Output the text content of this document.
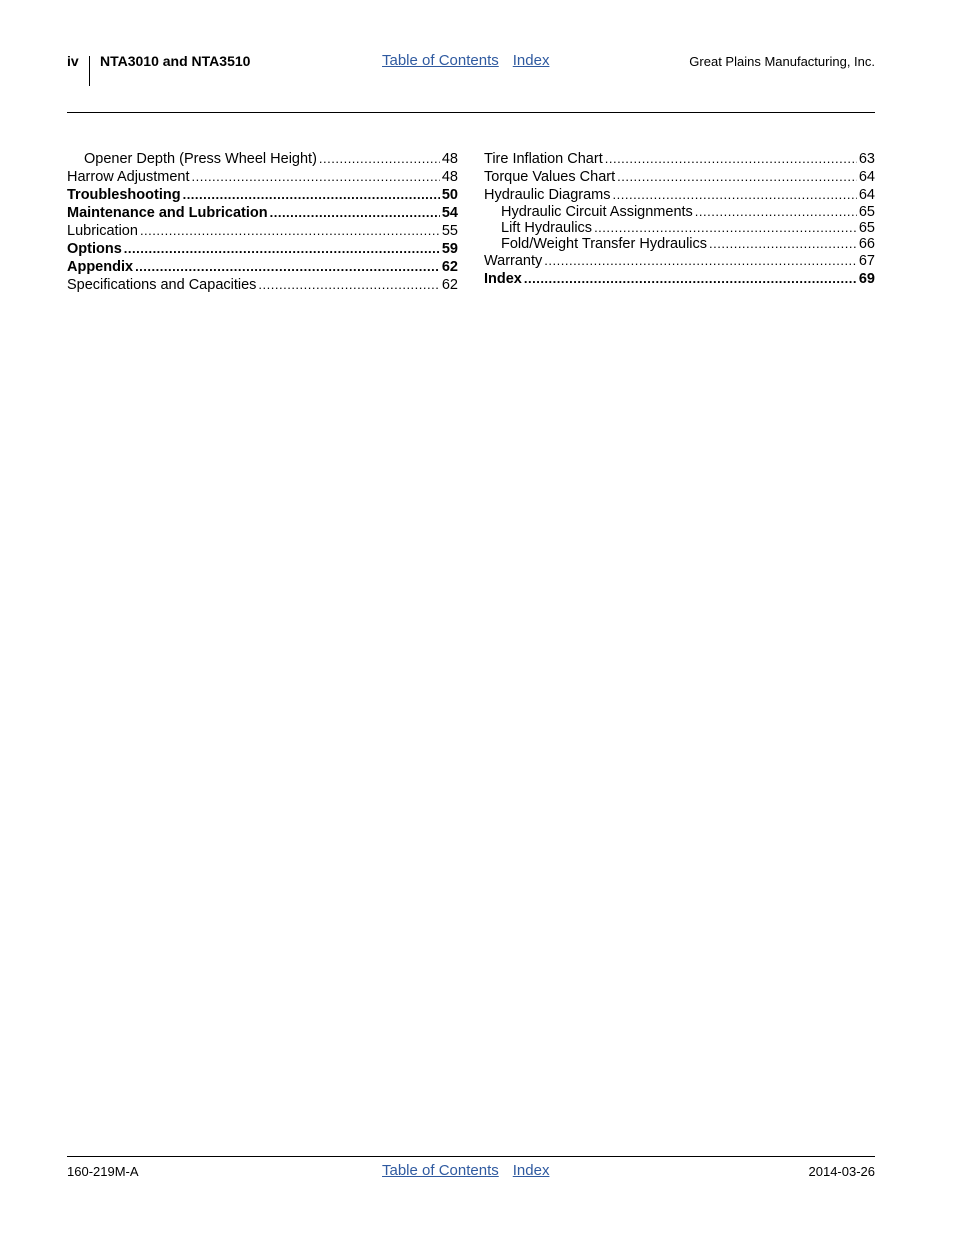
iv NTA3010 and NTA3510	Table of Contents Index	Great Plains Manufacturing, Inc.
Opener Depth (Press Wheel Height) .....	48
Harrow Adjustment .....	48
Troubleshooting .....	50
Maintenance and Lubrication .....	54
Lubrication .....	55
Options .....	59
Appendix .....	62
Specifications and Capacities .....	62
Tire Inflation Chart .....	63
Torque Values Chart .....	64
Hydraulic Diagrams .....	64
Hydraulic Circuit Assignments .....	65
Lift Hydraulics .....	65
Fold/Weight Transfer Hydraulics .....	66
Warranty .....	67
Index .....	69
160-219M-A	Table of Contents Index	2014-03-26
